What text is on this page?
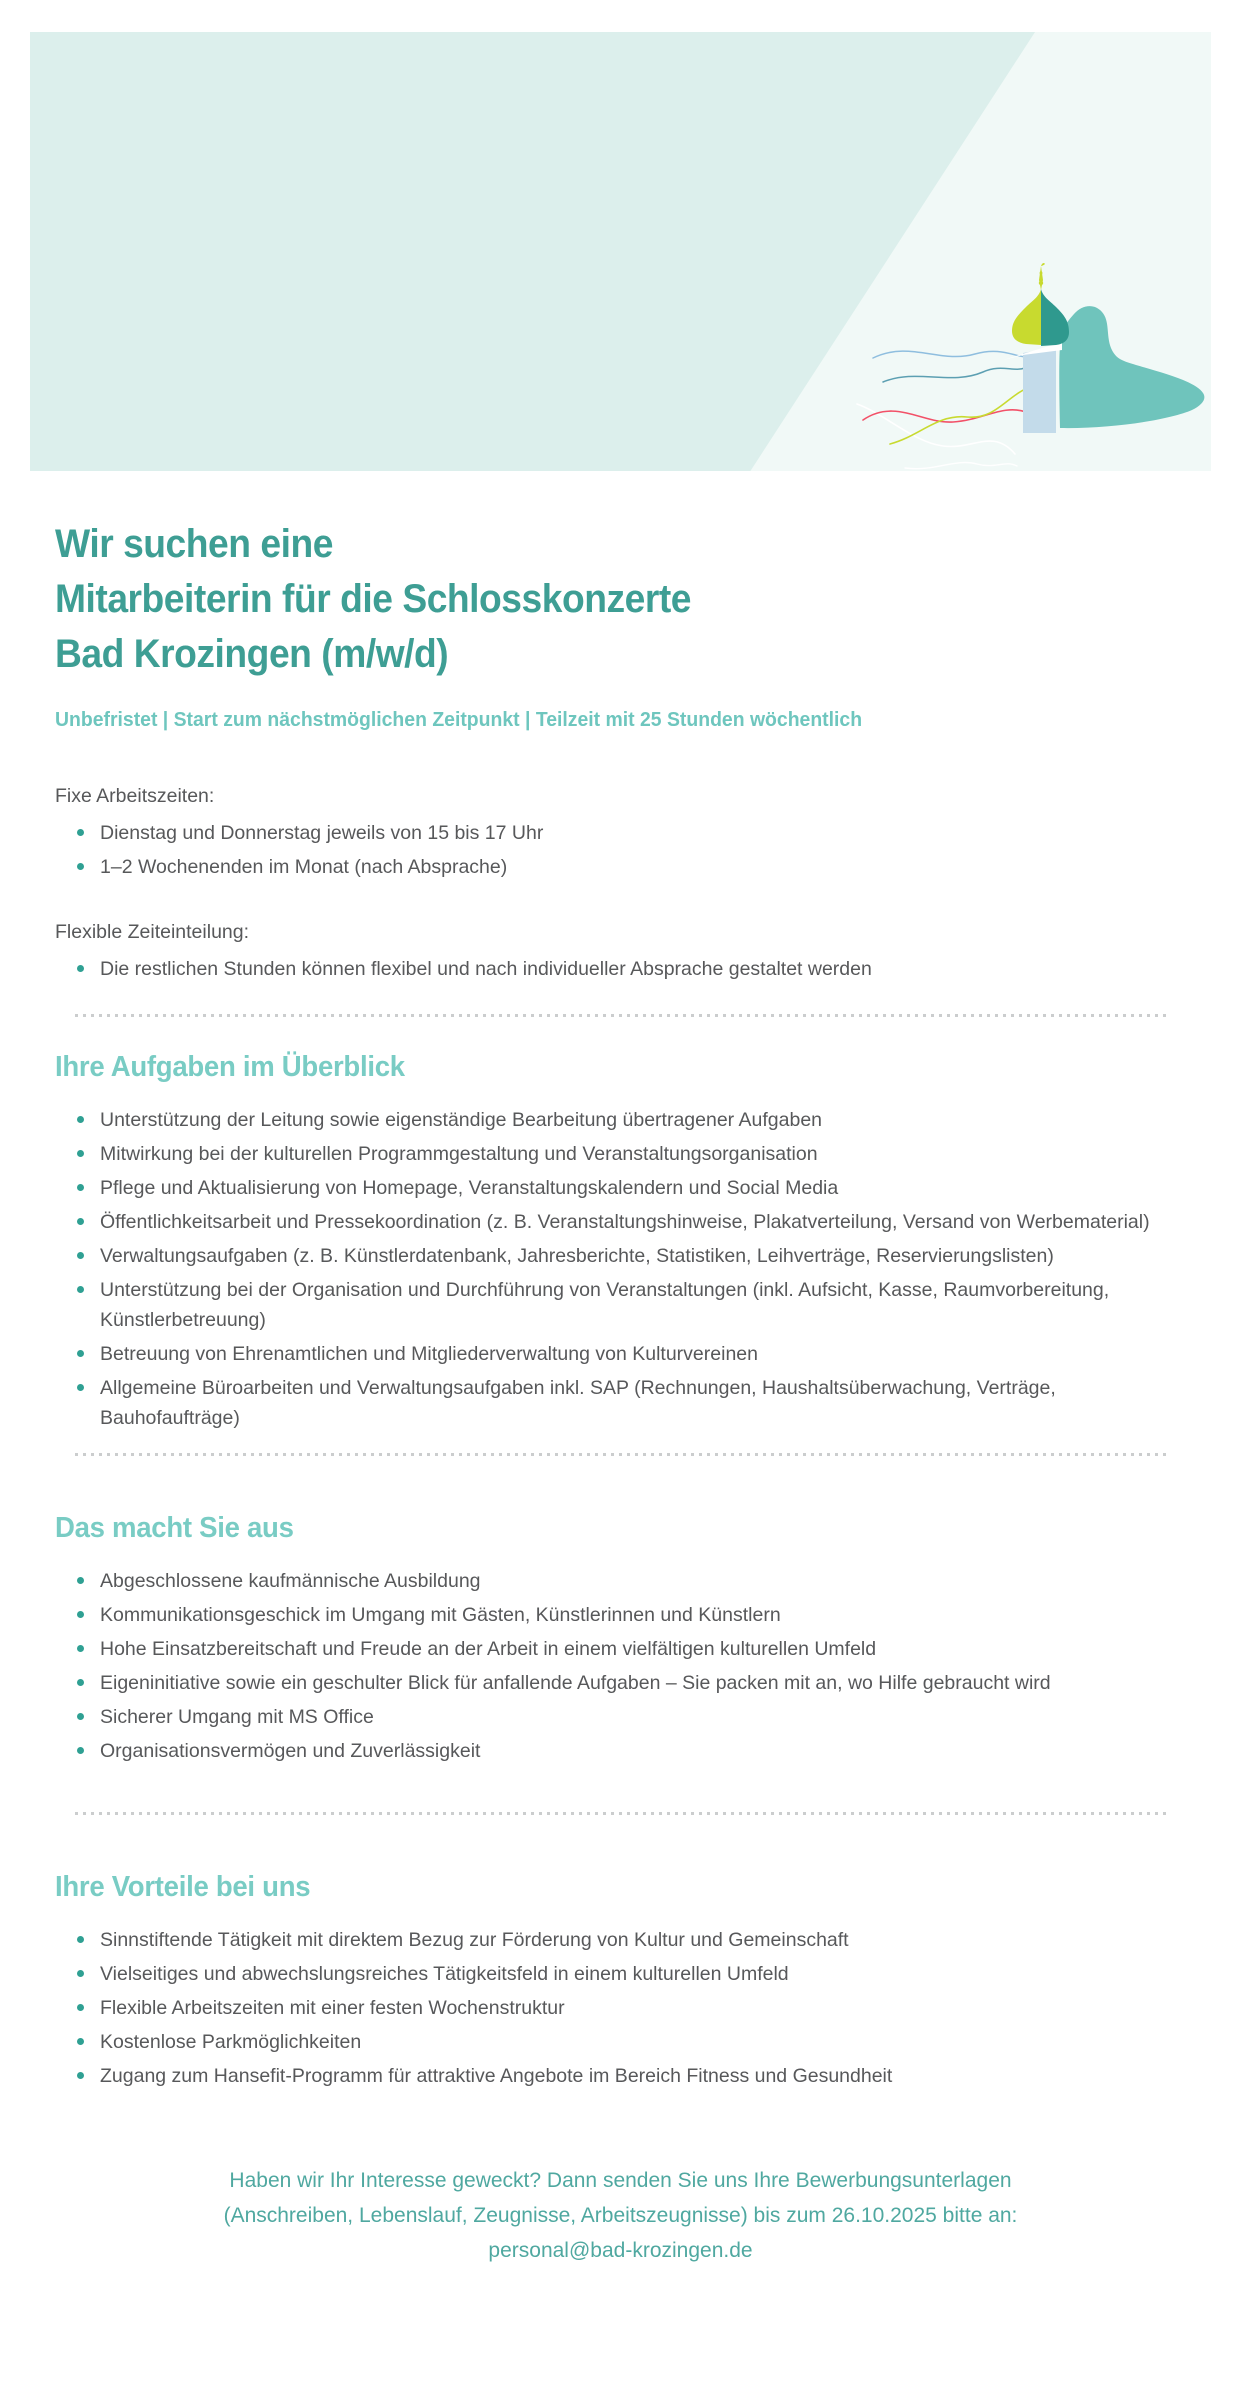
Wir suchen eine
Mitarbeiterin für die Schlosskonzerte
Bad Krozingen (m/w/d)
Unbefristet | Start zum nächstmöglichen Zeitpunkt | Teilzeit mit 25 Stunden wöchentlich
Fixe Arbeitszeiten:
Dienstag und Donnerstag jeweils von 15 bis 17 Uhr
1–2 Wochenenden im Monat (nach Absprache)
Flexible Zeiteinteilung:
Die restlichen Stunden können flexibel und nach individueller Absprache gestaltet werden
Ihre Aufgaben im Überblick
Unterstützung der Leitung sowie eigenständige Bearbeitung übertragener Aufgaben
Mitwirkung bei der kulturellen Programmgestaltung und Veranstaltungsorganisation
Pflege und Aktualisierung von Homepage, Veranstaltungskalendern und Social Media
Öffentlichkeitsarbeit und Pressekoordination (z. B. Veranstaltungshinweise, Plakatverteilung, Versand von Werbematerial)
Verwaltungsaufgaben (z. B. Künstlerdatenbank, Jahresberichte, Statistiken, Leihverträge, Reservierungslisten)
Unterstützung bei der Organisation und Durchführung von Veranstaltungen (inkl. Aufsicht, Kasse, Raumvorbereitung, Künstlerbetreuung)
Betreuung von Ehrenamtlichen und Mitgliederverwaltung von Kulturvereinen
Allgemeine Büroarbeiten und Verwaltungsaufgaben inkl. SAP (Rechnungen, Haushaltsüberwachung, Verträge, Bauhofaufträge)
Das macht Sie aus
Abgeschlossene kaufmännische Ausbildung
Kommunikationsgeschick im Umgang mit Gästen, Künstlerinnen und Künstlern
Hohe Einsatzbereitschaft und Freude an der Arbeit in einem vielfältigen kulturellen Umfeld
Eigeninitiative sowie ein geschulter Blick für anfallende Aufgaben – Sie packen mit an, wo Hilfe gebraucht wird
Sicherer Umgang mit MS Office
Organisationsvermögen und Zuverlässigkeit
Ihre Vorteile bei uns
Sinnstiftende Tätigkeit mit direktem Bezug zur Förderung von Kultur und Gemeinschaft
Vielseitiges und abwechslungsreiches Tätigkeitsfeld in einem kulturellen Umfeld
Flexible Arbeitszeiten mit einer festen Wochenstruktur
Kostenlose Parkmöglichkeiten
Zugang zum Hansefit-Programm für attraktive Angebote im Bereich Fitness und Gesundheit
Haben wir Ihr Interesse geweckt? Dann senden Sie uns Ihre Bewerbungsunterlagen
(Anschreiben, Lebenslauf, Zeugnisse, Arbeitszeugnisse) bis zum 26.10.2025 bitte an:
personal@bad-krozingen.de
